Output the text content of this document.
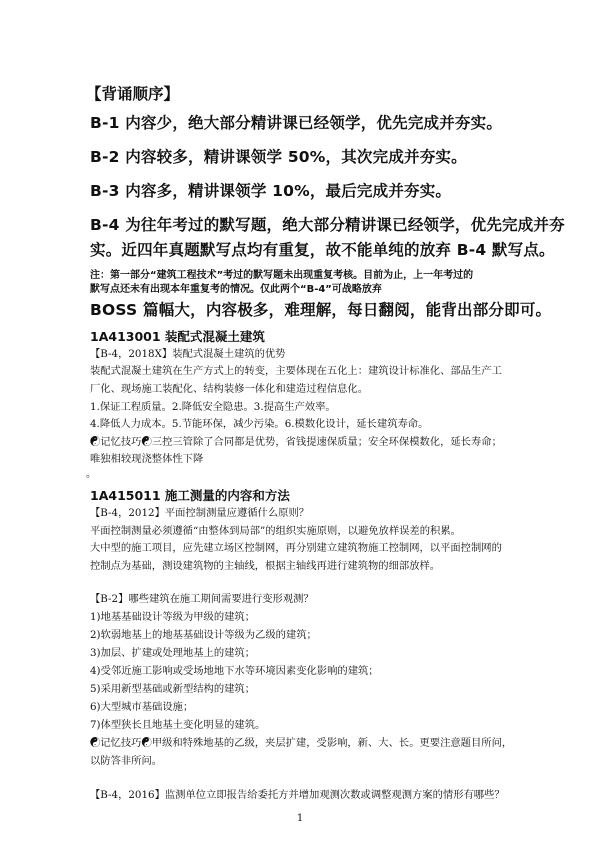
【背诵顺序】
B-1 内容少，绝大部分精讲课已经领学，优先完成并夯实。
B-2 内容较多，精讲课领学 50%，其次完成并夯实。
B-3 内容多，精讲课领学 10%，最后完成并夯实。
B-4 为往年考过的默写题，绝大部分精讲课已经领学，优先完成并夯
实。近四年真题默写点均有重复，故不能单纯的放弃 B-4 默写点。
注：第一部分“建筑工程技术”考过的默写题未出现重复考核。目前为止，上一年考过的
默写点还未有出现本年重复考的情况。仅此两个“B-4”可战略放弃
BOSS 篇幅大，内容极多，难理解，每日翻阅，能背出部分即可。
1A413001 装配式混凝土建筑
【B-4，2018X】装配式混凝土建筑的优势
装配式混凝土建筑在生产方式上的转变，主要体现在五化上：建筑设计标准化、部品生产工
厂化、现场施工装配化、结构装修一体化和建造过程信息化。
1.保证工程质量。2.降低安全隐患。3.提高生产效率。
4.降低人力成本。5.节能环保，减少污染。6.模数化设计，延长建筑寿命。
☯记忆技巧☯三控三管除了合同都是优势，省钱提速保质量；安全环保模数化，延长寿命；
唯独相较现浇整体性下降
。
1A415011 施工测量的内容和方法
【B-4，2012】平面控制测量应遵循什么原则？
平面控制测量必须遵循“由整体到局部”的组织实施原则，以避免放样误差的积累。
大中型的施工项目，应先建立场区控制网，再分别建立建筑物施工控制网，以平面控制网的
控制点为基础，测设建筑物的主轴线，根据主轴线再进行建筑物的细部放样。
【B-2】哪些建筑在施工期间需要进行变形观测？
1)地基基础设计等级为甲级的建筑；
2)软弱地基上的地基基础设计等级为乙级的建筑；
3)加层、扩建或处理地基上的建筑；
4)受邻近施工影响或受场地地下水等环境因素变化影响的建筑；
5)采用新型基础或新型结构的建筑；
6)大型城市基础设施；
7)体型狭长且地基土变化明显的建筑。
☯记忆技巧☯甲级和特殊地基的乙级，夹层扩建，受影响，新、大、长。更要注意题目所问，
以防答非所问。
【B-4，2016】监测单位立即报告给委托方并增加观测次数或调整观测方案的情形有哪些？
1
